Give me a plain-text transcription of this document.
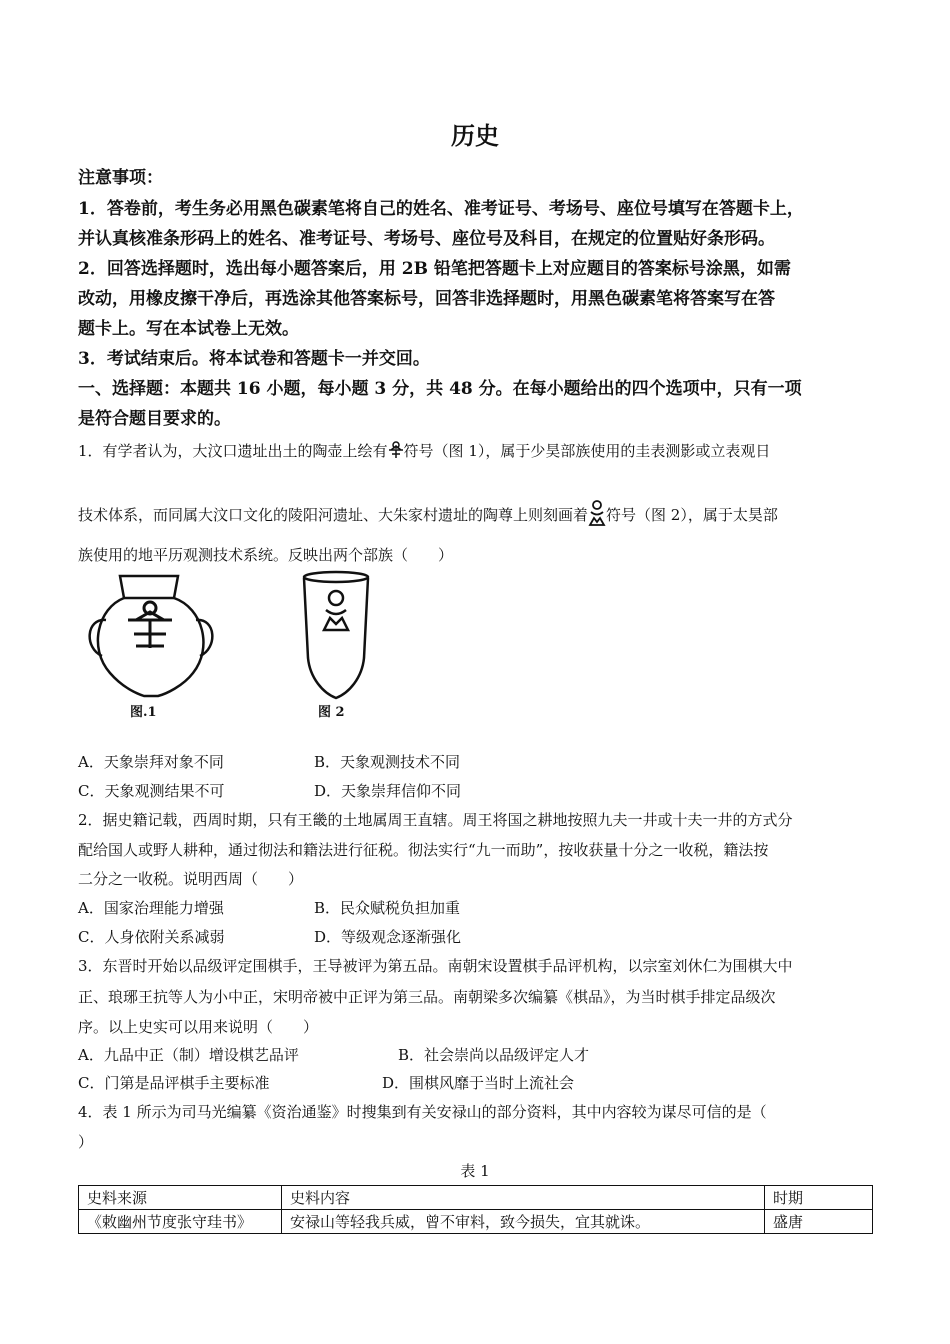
历史
注意事项：
1．答卷前，考生务必用黑色碳素笔将自己的姓名、准考证号、考场号、座位号填写在答题卡上，
并认真核准条形码上的姓名、准考证号、考场号、座位号及科目，在规定的位置贴好条形码。
2．回答选择题时，选出每小题答案后，用 2B 铅笔把答题卡上对应题目的答案标号涂黑，如需
改动，用橡皮擦干净后，再选涂其他答案标号，回答非选择题时，用黑色碳素笔将答案写在答
题卡上。写在本试卷上无效。
3．考试结束后。将本试卷和答题卡一并交回。
一、选择题：本题共 16 小题，每小题 3 分，共 48 分。在每小题给出的四个选项中，只有一项
是符合题目要求的。
1．有学者认为，大汶口遗址出土的陶壶上绘有 符号（图 1），属于少昊部族使用的圭表测影或立表观日
技术体系，而同属大汶口文化的陵阳河遗址、大朱家村遗址的陶尊上则刻画着 符号（图 2），属于太昊部
族使用的地平历观测技术系统。反映出两个部族（　　）
图.1	图 2
A．天象崇拜对象不同	B．天象观测技术不同
C．天象观测结果不可	D．天象崇拜信仰不同
2．据史籍记载，西周时期，只有王畿的土地属周王直辖。周王将国之耕地按照九夫一井或十夫一井的方式分
配给国人或野人耕种，通过彻法和籍法进行征税。彻法实行“九一而助”，按收获量十分之一收税，籍法按
二分之一收税。说明西周（　　）
A．国家治理能力增强	B．民众赋税负担加重
C．人身依附关系减弱	D．等级观念逐渐强化
3．东晋时开始以品级评定围棋手，王导被评为第五品。南朝宋设置棋手品评机构，以宗室刘休仁为围棋大中
正、琅琊王抗等人为小中正，宋明帝被中正评为第三品。南朝梁多次编纂《棋品》，为当时棋手排定品级次
序。以上史实可以用来说明（　　）
A．九品中正（制）增设棋艺品评	B．社会崇尚以品级评定人才
C．门第是品评棋手主要标准	D．围棋风靡于当时上流社会
4．表 1 所示为司马光编纂《资治通鉴》时搜集到有关安禄山的部分资料，其中内容较为谋尽可信的是（
）
表 1
史料来源	史料内容	时期
《敕幽州节度张守珪书》	安禄山等轻我兵威，曾不审料，致今损失，宜其就诛。	盛唐
